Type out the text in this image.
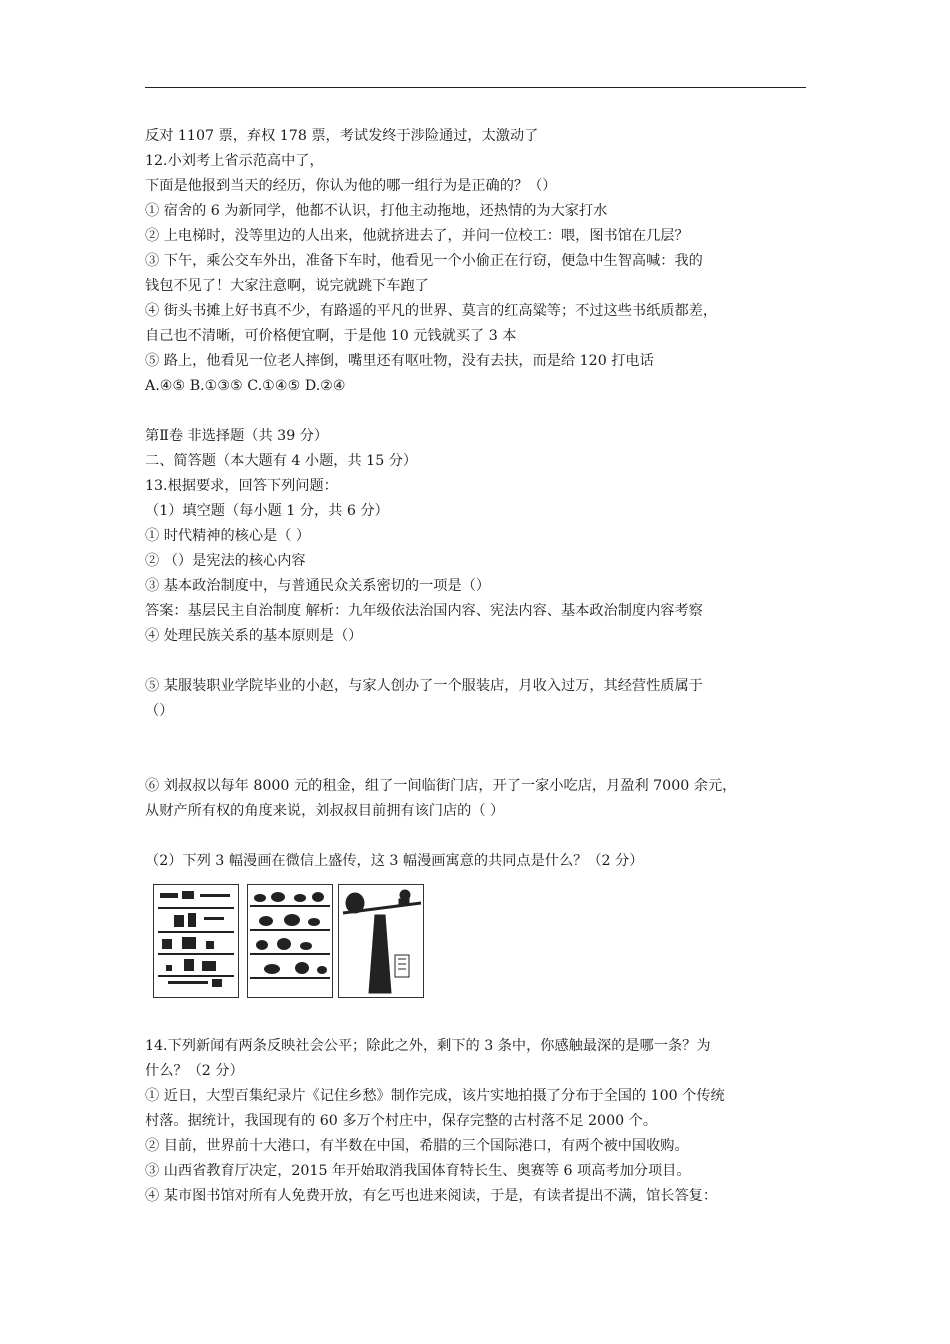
反对 1107 票，弃权 178 票，考试发终于涉险通过，太激动了
12.小刘考上省示范高中了，
下面是他报到当天的经历，你认为他的哪一组行为是正确的？（）
① 宿舍的 6 为新同学，他都不认识，打他主动拖地，还热情的为大家打水
② 上电梯时，没等里边的人出来，他就挤进去了，并问一位校工：喂，图书馆在几层？
③ 下午，乘公交车外出，准备下车时，他看见一个小偷正在行窃，便急中生智高喊：我的
钱包不见了！大家注意啊，说完就跳下车跑了
④ 街头书摊上好书真不少，有路遥的平凡的世界、莫言的红高粱等；不过这些书纸质都差，
自己也不清晰，可价格便宜啊，于是他 10 元钱就买了 3 本
⑤ 路上，他看见一位老人摔倒，嘴里还有呕吐物，没有去扶，而是给 120 打电话
A.④⑤ B.①③⑤ C.①④⑤ D.②④
第Ⅱ卷 非选择题（共 39 分）
二、简答题（本大题有 4 小题，共 15 分）
13.根据要求，回答下列问题：
（1）填空题（每小题 1 分，共 6 分）
① 时代精神的核心是（ ）
② （）是宪法的核心内容
③ 基本政治制度中，与普通民众关系密切的一项是（）
答案：基层民主自治制度 解析：九年级依法治国内容、宪法内容、基本政治制度内容考察
④ 处理民族关系的基本原则是（）
⑤ 某服装职业学院毕业的小赵，与家人创办了一个服装店，月收入过万，其经营性质属于
（）
⑥ 刘叔叔以每年 8000 元的租金，组了一间临街门店，开了一家小吃店，月盈利 7000 余元，
从财产所有权的角度来说，刘叔叔目前拥有该门店的（ ）
（2）下列 3 幅漫画在微信上盛传，这 3 幅漫画寓意的共同点是什么？（2 分）
14.下列新闻有两条反映社会公平；除此之外，剩下的 3 条中，你感触最深的是哪一条？为
什么？（2 分）
① 近日，大型百集纪录片《记住乡愁》制作完成，该片实地拍摄了分布于全国的 100 个传统
村落。据统计，我国现有的 60 多万个村庄中，保存完整的古村落不足 2000 个。
② 目前，世界前十大港口，有半数在中国，希腊的三个国际港口，有两个被中国收购。
③ 山西省教育厅决定，2015 年开始取消我国体育特长生、奥赛等 6 项高考加分项目。
④ 某市图书馆对所有人免费开放，有乞丐也进来阅读，于是，有读者提出不满，馆长答复：
